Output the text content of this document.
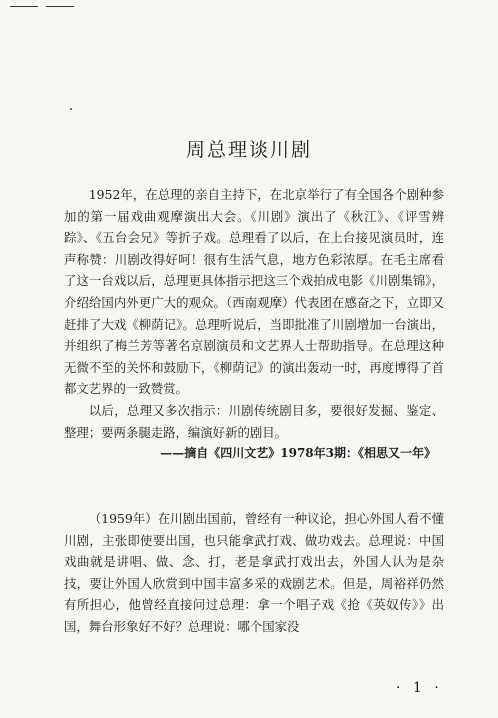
周总理谈川剧

1952年，在总理的亲自主持下，在北京举行了有全国各个剧种参加的第一届戏曲观摩演出大会。《川剧》演出了《秋江》、《评雪辨踪》、《五台会兄》等折子戏。总理看了以后，在上台接见演员时，连声称赞：川剧改得好呵！很有生活气息，地方色彩浓厚。在毛主席看了这一台戏以后，总理更具体指示把这三个戏拍成电影《川剧集锦》，介绍给国内外更广大的观众。（西南观摩）代表团在感奋之下，立即又赶排了大戏《柳荫记》。总理听说后，当即批准了川剧增加一台演出，并组织了梅兰芳等著名京剧演员和文艺界人士帮助指导。在总理这种无微不至的关怀和鼓励下，《柳荫记》的演出轰动一时，再度博得了首都文艺界的一致赞赏。

以后，总理又多次指示：川剧传统剧目多，要很好发掘、鉴定、整理；要两条腿走路，编演好新的剧目。

——摘自《四川文艺》1978年3期：《相思又一年》

（1959年）在川剧出国前，曾经有一种议论，担心外国人看不懂川剧，主张即使要出国，也只能拿武打戏、做功戏去。总理说：中国戏曲就是讲唱、做、念、打，老是拿武打戏出去，外国人认为是杂技，要让外国人欣赏到中国丰富多采的戏剧艺术。但是，周裕祥仍然有所担心，他曾经直接问过总理：拿一个唱子戏《抢《英奴传》》出国，舞台形象好不好？总理说：哪个国家没

· 1 ·
